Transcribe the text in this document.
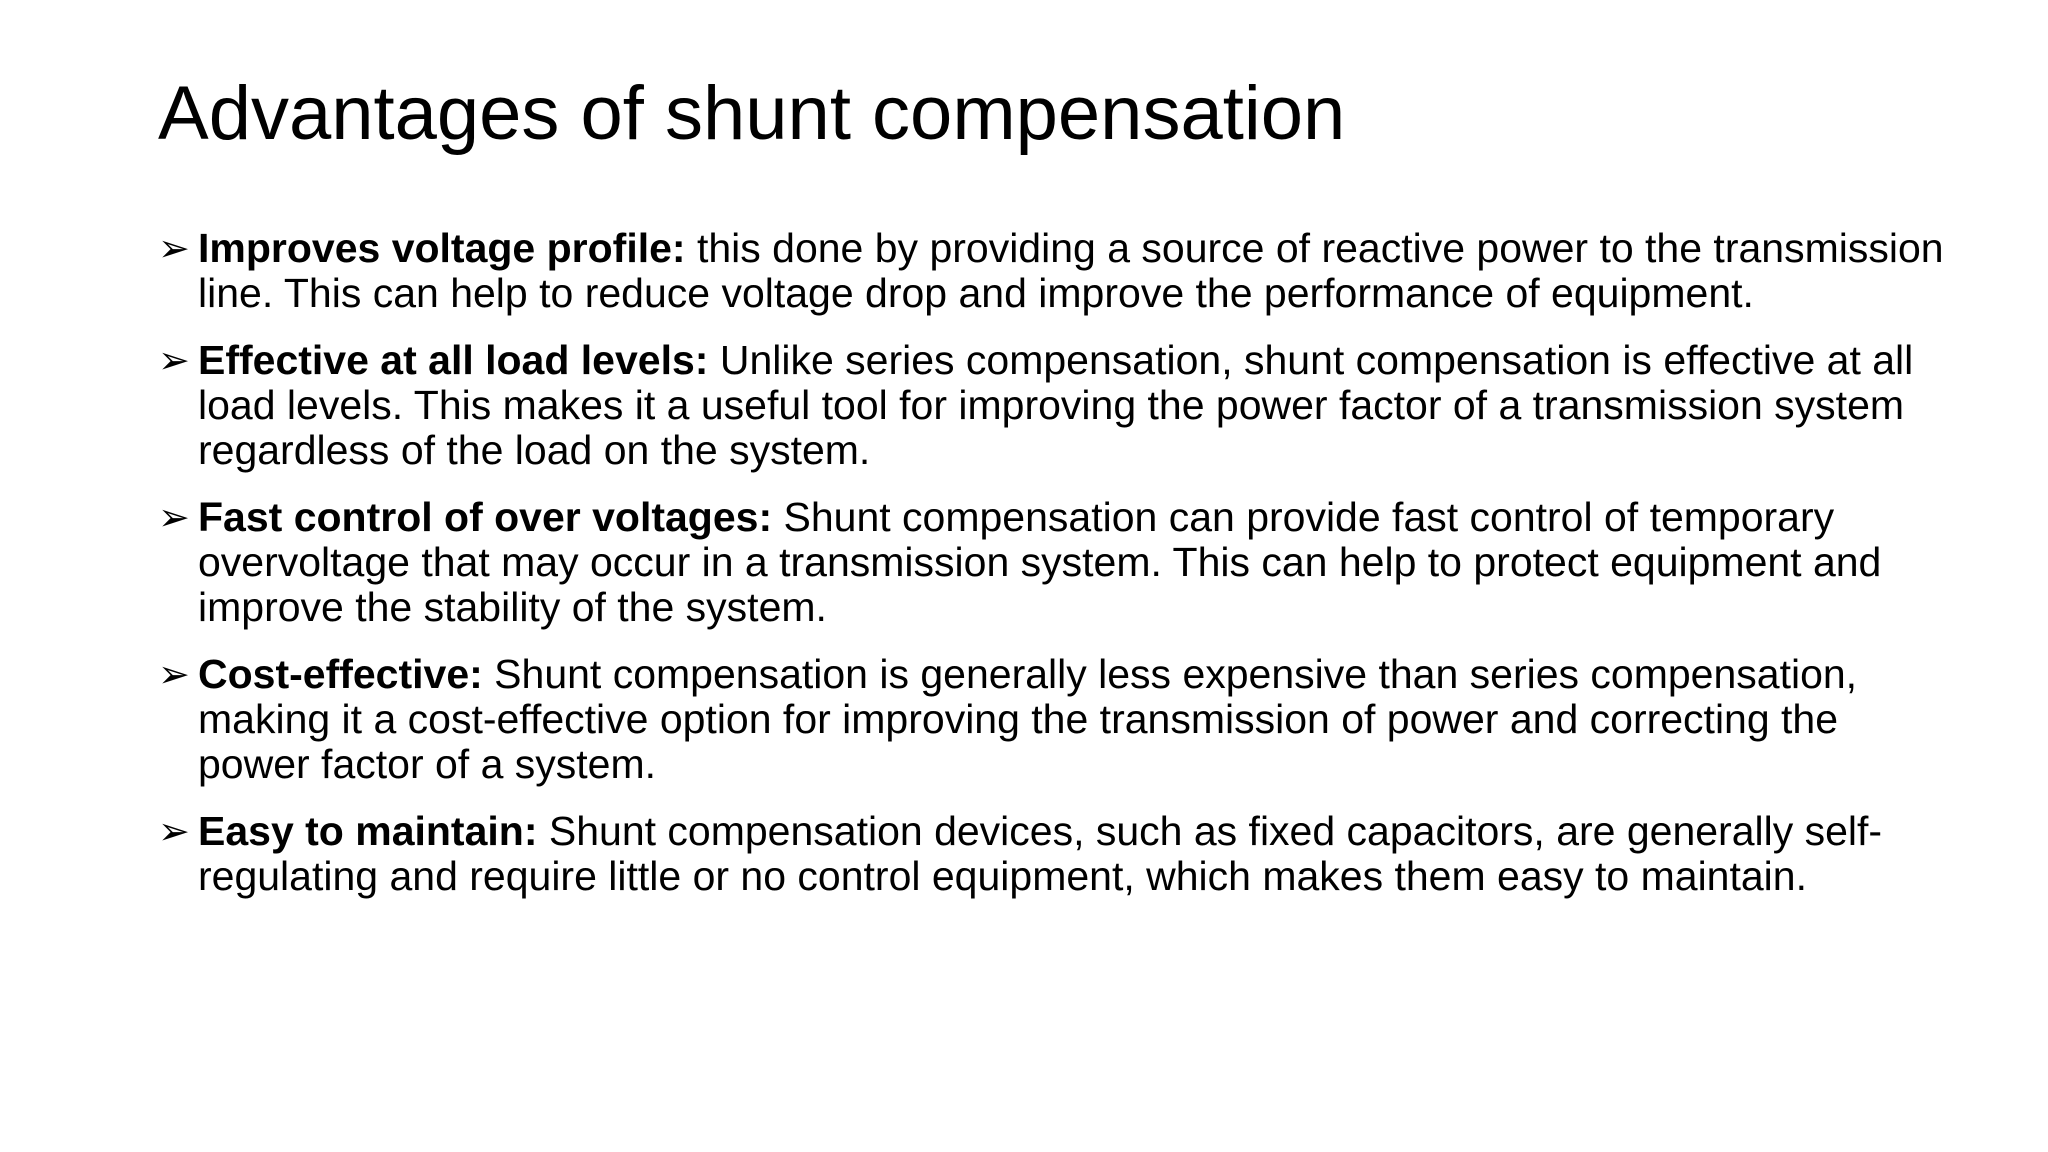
Advantages of shunt compensation
➢ Improves voltage profile: this done by providing a source of reactive power to the transmission line. This can help to reduce voltage drop and improve the performance of equipment.
➢ Effective at all load levels: Unlike series compensation, shunt compensation is effective at all load levels. This makes it a useful tool for improving the power factor of a transmission system regardless of the load on the system.
➢ Fast control of over voltages: Shunt compensation can provide fast control of temporary overvoltage that may occur in a transmission system. This can help to protect equipment and improve the stability of the system.
➢ Cost-effective: Shunt compensation is generally less expensive than series compensation, making it a cost-effective option for improving the transmission of power and correcting the power factor of a system.
➢ Easy to maintain: Shunt compensation devices, such as fixed capacitors, are generally self-regulating and require little or no control equipment, which makes them easy to maintain.
